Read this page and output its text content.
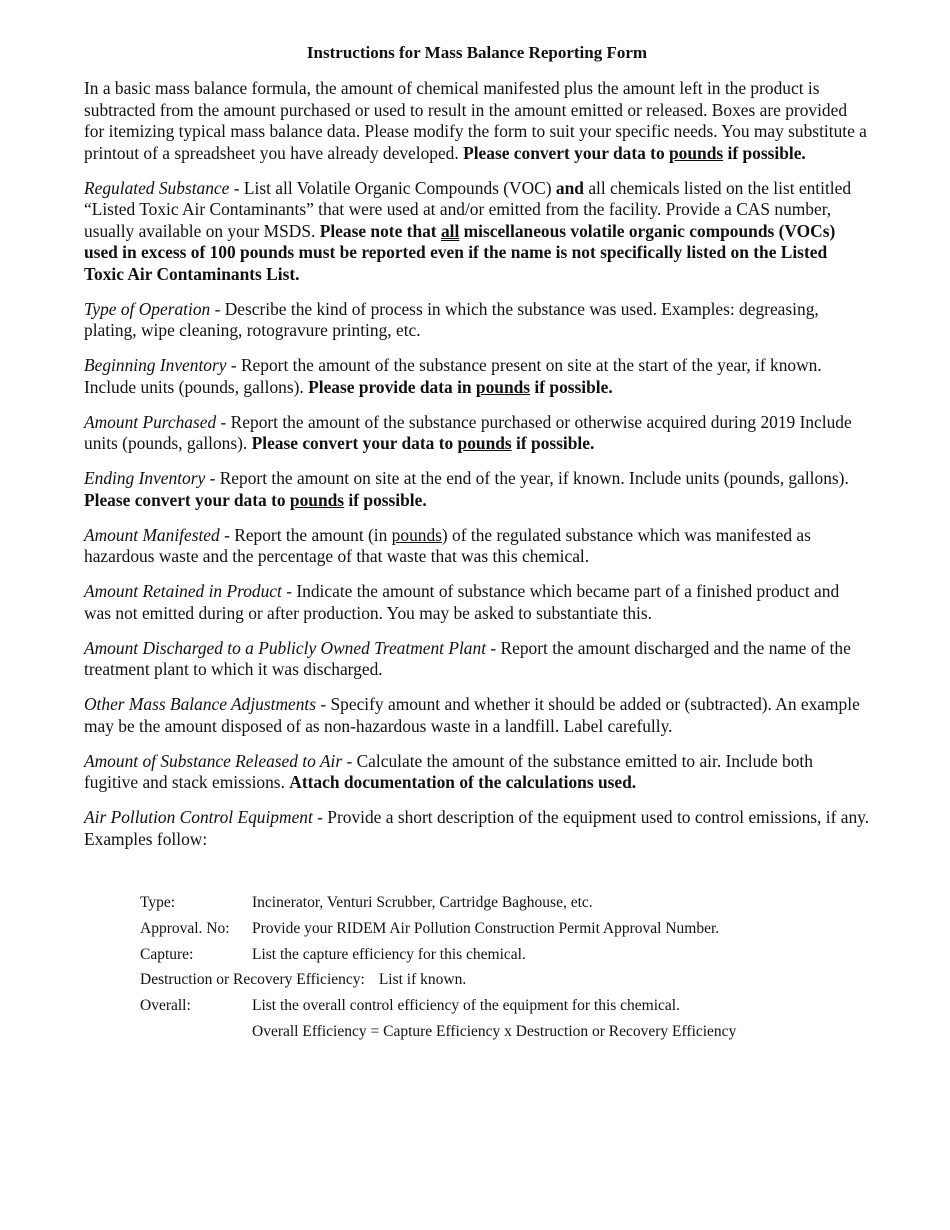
Instructions for Mass Balance Reporting Form

In a basic mass balance formula, the amount of chemical manifested plus the amount left in the product is subtracted from the amount purchased or used to result in the amount emitted or released. Boxes are provided for itemizing typical mass balance data. Please modify the form to suit your specific needs. You may substitute a printout of a spreadsheet you have already developed. Please convert your data to pounds if possible.

Regulated Substance - List all Volatile Organic Compounds (VOC) and all chemicals listed on the list entitled “Listed Toxic Air Contaminants” that were used at and/or emitted from the facility. Provide a CAS number, usually available on your MSDS. Please note that all miscellaneous volatile organic compounds (VOCs) used in excess of 100 pounds must be reported even if the name is not specifically listed on the Listed Toxic Air Contaminants List.

Type of Operation - Describe the kind of process in which the substance was used. Examples: degreasing, plating, wipe cleaning, rotogravure printing, etc.

Beginning Inventory - Report the amount of the substance present on site at the start of the year, if known. Include units (pounds, gallons). Please provide data in pounds if possible.

Amount Purchased - Report the amount of the substance purchased or otherwise acquired during 2019 Include units (pounds, gallons). Please convert your data to pounds if possible.

Ending Inventory - Report the amount on site at the end of the year, if known. Include units (pounds, gallons). Please convert your data to pounds if possible.

Amount Manifested - Report the amount (in pounds) of the regulated substance which was manifested as hazardous waste and the percentage of that waste that was this chemical.

Amount Retained in Product - Indicate the amount of substance which became part of a finished product and was not emitted during or after production. You may be asked to substantiate this.

Amount Discharged to a Publicly Owned Treatment Plant - Report the amount discharged and the name of the treatment plant to which it was discharged.

Other Mass Balance Adjustments - Specify amount and whether it should be added or (subtracted). An example may be the amount disposed of as non-hazardous waste in a landfill. Label carefully.

Amount of Substance Released to Air - Calculate the amount of the substance emitted to air. Include both fugitive and stack emissions. Attach documentation of the calculations used.

Air Pollution Control Equipment - Provide a short description of the equipment used to control emissions, if any. Examples follow:

Type:	Incinerator, Venturi Scrubber, Cartridge Baghouse, etc.
Approval. No:	Provide your RIDEM Air Pollution Construction Permit Approval Number.
Capture:	List the capture efficiency for this chemical.
Destruction or Recovery Efficiency: List if known.
Overall:	List the overall control efficiency of the equipment for this chemical.
Overall Efficiency = Capture Efficiency x Destruction or Recovery Efficiency
